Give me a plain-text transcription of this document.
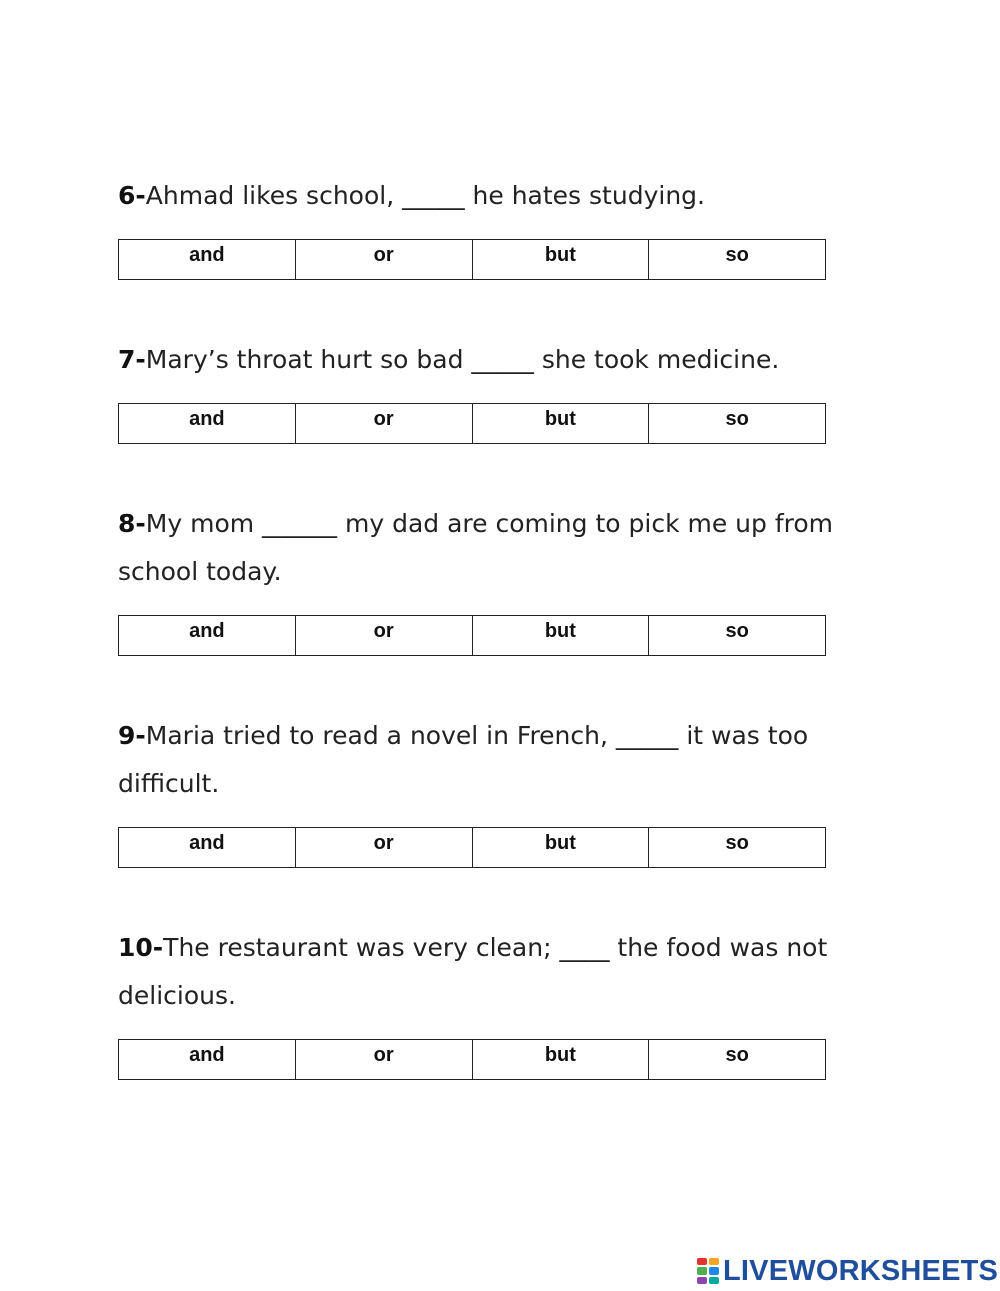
6-Ahmad likes school, _____ he hates studying.

and	or	but	so

7-Mary’s throat hurt so bad _____ she took medicine.

and	or	but	so

8-My mom ______ my dad are coming to pick me up from school today.

and	or	but	so

9-Maria tried to read a novel in French, _____ it was too difficult.

and	or	but	so

10-The restaurant was very clean; ____ the food was not delicious.

and	or	but	so
LIVEWORKSHEETS
